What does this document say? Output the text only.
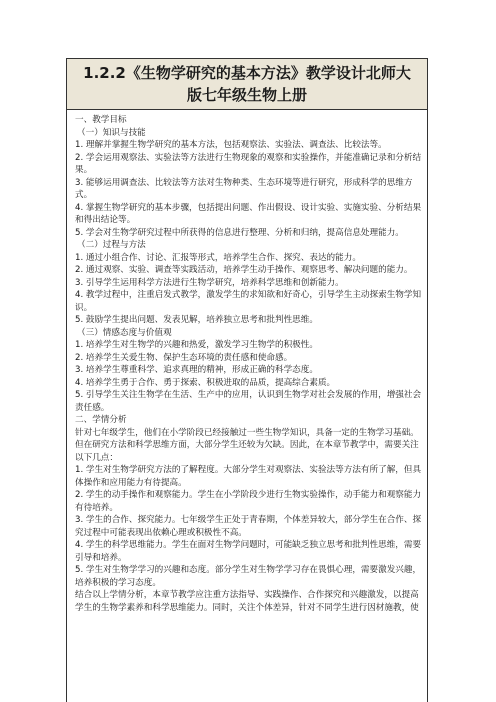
1.2.2《生物学研究的基本方法》教学设计北师大版七年级生物上册

一、教学目标

（一）知识与技能

1. 理解并掌握生物学研究的基本方法，包括观察法、实验法、调查法、比较法等。

2. 学会运用观察法、实验法等方法进行生物现象的观察和实验操作，并能准确记录和分析结果。

3. 能够运用调查法、比较法等方法对生物种类、生态环境等进行研究，形成科学的思维方式。

4. 掌握生物学研究的基本步骤，包括提出问题、作出假设、设计实验、实施实验、分析结果和得出结论等。

5. 学会对生物学研究过程中所获得的信息进行整理、分析和归纳，提高信息处理能力。

（二）过程与方法

1. 通过小组合作、讨论、汇报等形式，培养学生合作、探究、表达的能力。

2. 通过观察、实验、调查等实践活动，培养学生动手操作、观察思考、解决问题的能力。

3. 引导学生运用科学方法进行生物学研究，培养科学思维和创新能力。

4. 教学过程中，注重启发式教学，激发学生的求知欲和好奇心，引导学生主动探索生物学知识。

5. 鼓励学生提出问题、发表见解，培养独立思考和批判性思维。

（三）情感态度与价值观

1. 培养学生对生物学的兴趣和热爱，激发学习生物学的积极性。

2. 培养学生关爱生物、保护生态环境的责任感和使命感。

3. 培养学生尊重科学、追求真理的精神，形成正确的科学态度。

4. 培养学生勇于合作、勇于探索、积极进取的品质，提高综合素质。

5. 引导学生关注生物学在生活、生产中的应用，认识到生物学对社会发展的作用，增强社会责任感。

二、学情分析

针对七年级学生，他们在小学阶段已经接触过一些生物学知识，具备一定的生物学习基础。但在研究方法和科学思维方面，大部分学生还较为欠缺。因此，在本章节教学中，需要关注以下几点：

1. 学生对生物学研究方法的了解程度。大部分学生对观察法、实验法等方法有所了解，但具体操作和应用能力有待提高。

2. 学生的动手操作和观察能力。学生在小学阶段少进行生物实验操作，动手能力和观察能力有待培养。

3. 学生的合作、探究能力。七年级学生正处于青春期，个体差异较大，部分学生在合作、探究过程中可能表现出依赖心理或积极性不高。

4. 学生的科学思维能力。学生在面对生物学问题时，可能缺乏独立思考和批判性思维，需要引导和培养。

5. 学生对生物学学习的兴趣和态度。部分学生对生物学学习存在畏惧心理，需要激发兴趣，培养积极的学习态度。

结合以上学情分析，本章节教学应注重方法指导、实践操作、合作探究和兴趣激发，以提高学生的生物学素养和科学思维能力。同时，关注个体差异，针对不同学生进行因材施教，使
